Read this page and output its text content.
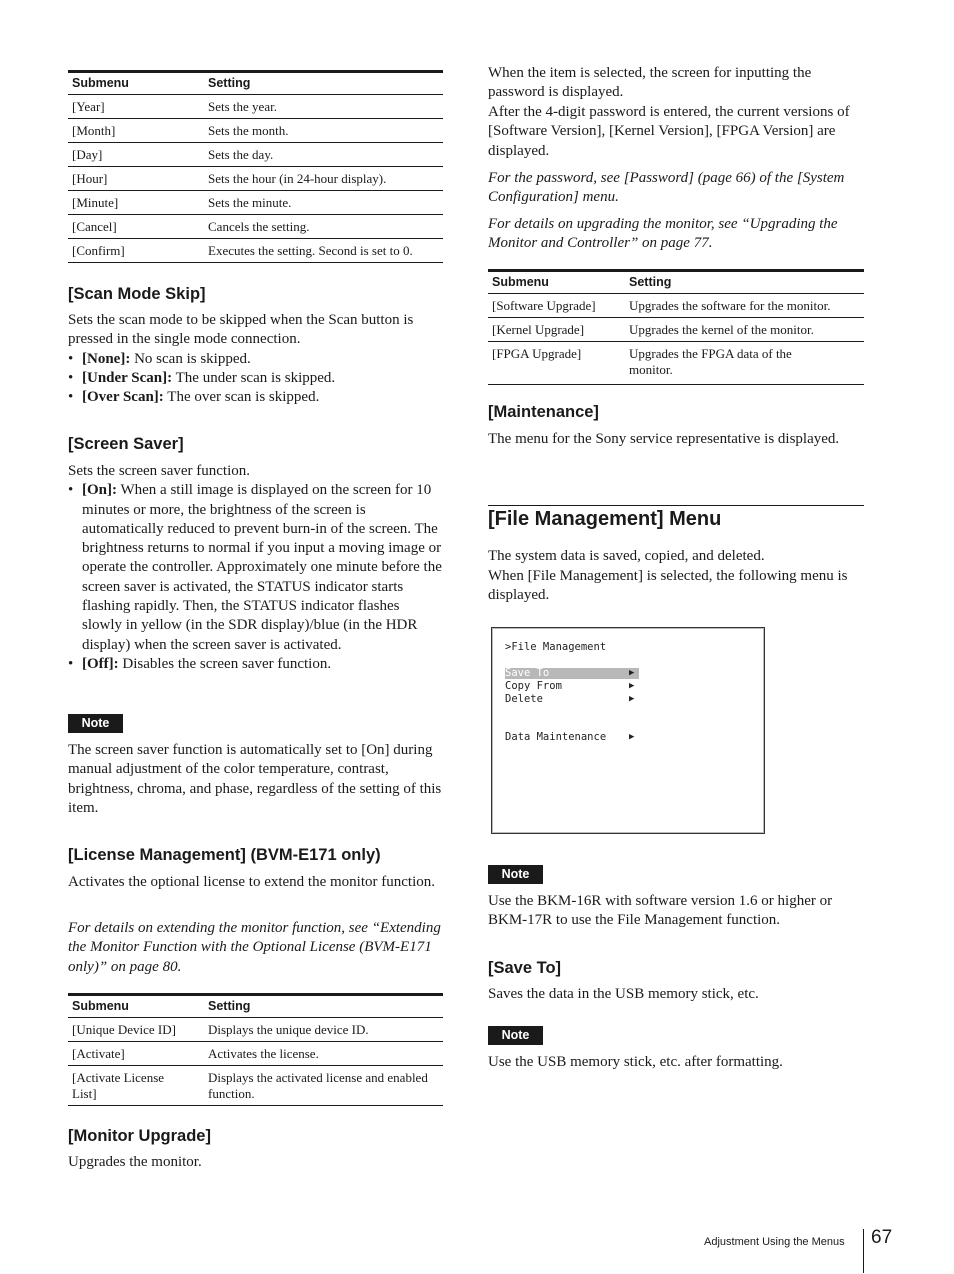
Submenu	Setting
[Year]	Sets the year.
[Month]	Sets the month.
[Day]	Sets the day.
[Hour]	Sets the hour (in 24-hour display).
[Minute]	Sets the minute.
[Cancel]	Cancels the setting.
[Confirm]	Executes the setting. Second is set to 0.
[Scan Mode Skip]

Sets the scan mode to be skipped when the Scan button is pressed in the single mode connection.

• [None]: No scan is skipped.
• [Under Scan]: The under scan is skipped.
• [Over Scan]: The over scan is skipped.
[Screen Saver]

Sets the screen saver function.

• [On]: When a still image is displayed on the screen for 10 minutes or more, the brightness of the screen is automatically reduced to prevent burn-in of the screen. The brightness returns to normal if you input a moving image or operate the controller. Approximately one minute before the screen saver is activated, the STATUS indicator starts flashing rapidly. Then, the STATUS indicator flashes slowly in yellow (in the SDR display)/blue (in the HDR display) when the screen saver is activated.
• [Off]: Disables the screen saver function.
Note

The screen saver function is automatically set to [On] during manual adjustment of the color temperature, contrast, brightness, chroma, and phase, regardless of the setting of this item.

[License Management] (BVM-E171 only)

Activates the optional license to extend the monitor function.

For details on extending the monitor function, see “Extending the Monitor Function with the Optional License (BVM-E171 only)” on page 80.

Submenu	Setting
[Unique Device ID]	Displays the unique device ID.
[Activate]	Activates the license.
[Activate License List]	Displays the activated license and enabled function.
[Monitor Upgrade]

Upgrades the monitor.

When the item is selected, the screen for inputting the password is displayed.

After the 4-digit password is entered, the current versions of [Software Version], [Kernel Version], [FPGA Version] are displayed.

For the password, see [Password] (page 66) of the [System Configuration] menu.

For details on upgrading the monitor, see “Upgrading the Monitor and Controller” on page 77.

Submenu	Setting
[Software Upgrade]	Upgrades the software for the monitor.
[Kernel Upgrade]	Upgrades the kernel of the monitor.
[FPGA Upgrade]	Upgrades the FPGA data of the monitor.
[Maintenance]

The menu for the Sony service representative is displayed.

[File Management] Menu

The system data is saved, copied, and deleted.

When [File Management] is selected, the following menu is displayed.

>File Management
Save To	▶
Copy From	▶
Delete	▶
Data Maintenance	▶
Note

Use the BKM-16R with software version 1.6 or higher or BKM-17R to use the File Management function.

[Save To]

Saves the data in the USB memory stick, etc.

Note

Use the USB memory stick, etc. after formatting.

Adjustment Using the Menus 67
